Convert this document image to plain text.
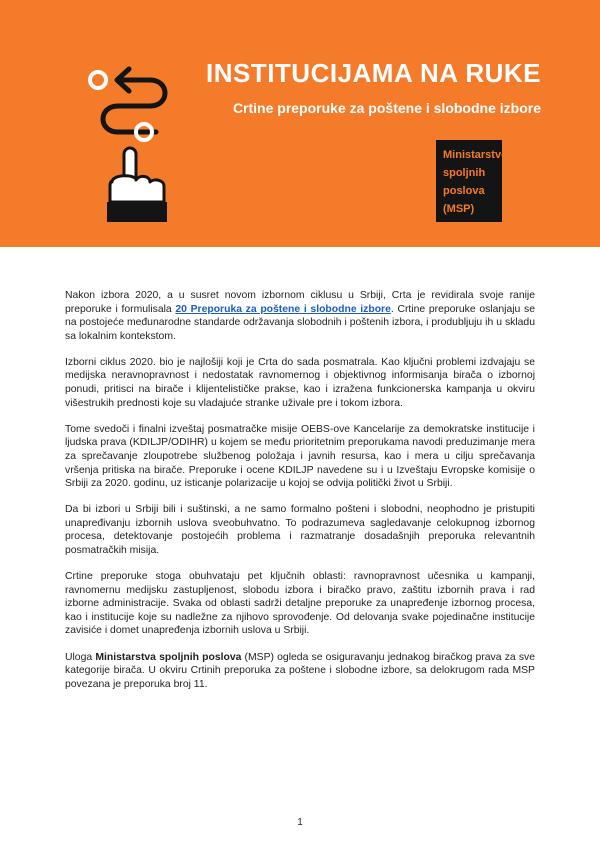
INSTITUCIJAMA NA RUKE
Crtine preporuke za poštene i slobodne izbore
Ministarstvo
spoljnih
poslova
(MSP)

Nakon izbora 2020, a u susret novom izbornom ciklusu u Srbiji, Crta je revidirala svoje ranije preporuke i formulisala 20 Preporuka za poštene i slobodne izbore. Crtine preporuke oslanjaju se na postojeće međunarodne standarde održavanja slobodnih i poštenih izbora, i produbljuju ih u skladu sa lokalnim kontekstom.

Izborni ciklus 2020. bio je najlošiji koji je Crta do sada posmatrala. Kao ključni problemi izdvajaju se medijska neravnopravnost i nedostatak ravnomernog i objektivnog informisanja birača o izbornoj ponudi, pritisci na birače i klijentelističke prakse, kao i izražena funkcionerska kampanja u okviru višestrukih prednosti koje su vladajuće stranke uživale pre i tokom izbora.

Tome svedoči i finalni izveštaj posmatračke misije OEBS-ove Kancelarije za demokratske institucije i ljudska prava (KDILJP/ODIHR) u kojem se među prioritetnim preporukama navodi preduzimanje mera za sprečavanje zloupotrebe službenog položaja i javnih resursa, kao i mera u cilju sprečavanja vršenja pritiska na birače. Preporuke i ocene KDILJP navedene su i u Izveštaju Evropske komisije o Srbiji za 2020. godinu, uz isticanje polarizacije u kojoj se odvija politički život u Srbiji.

Da bi izbori u Srbiji bili i suštinski, a ne samo formalno pošteni i slobodni, neophodno je pristupiti unapređivanju izbornih uslova sveobuhvatno. To podrazumeva sagledavanje celokupnog izbornog procesa, detektovanje postojećih problema i razmatranje dosadašnjih preporuka relevantnih posmatračkih misija.

Crtine preporuke stoga obuhvataju pet ključnih oblasti: ravnopravnost učesnika u kampanji, ravnomernu medijsku zastupljenost, slobodu izbora i biračko pravo, zaštitu izbornih prava i rad izborne administracije. Svaka od oblasti sadrži detaljne preporuke za unapređenje izbornog procesa, kao i institucije koje su nadležne za njihovo sprovođenje. Od delovanja svake pojedinačne institucije zavisiće i domet unapređenja izbornih uslova u Srbiji.

Uloga Ministarstva spoljnih poslova (MSP) ogleda se osiguravanju jednakog biračkog prava za sve kategorije birača. U okviru Crtinih preporuka za poštene i slobodne izbore, sa delokrugom rada MSP povezana je preporuka broj 11.

1
